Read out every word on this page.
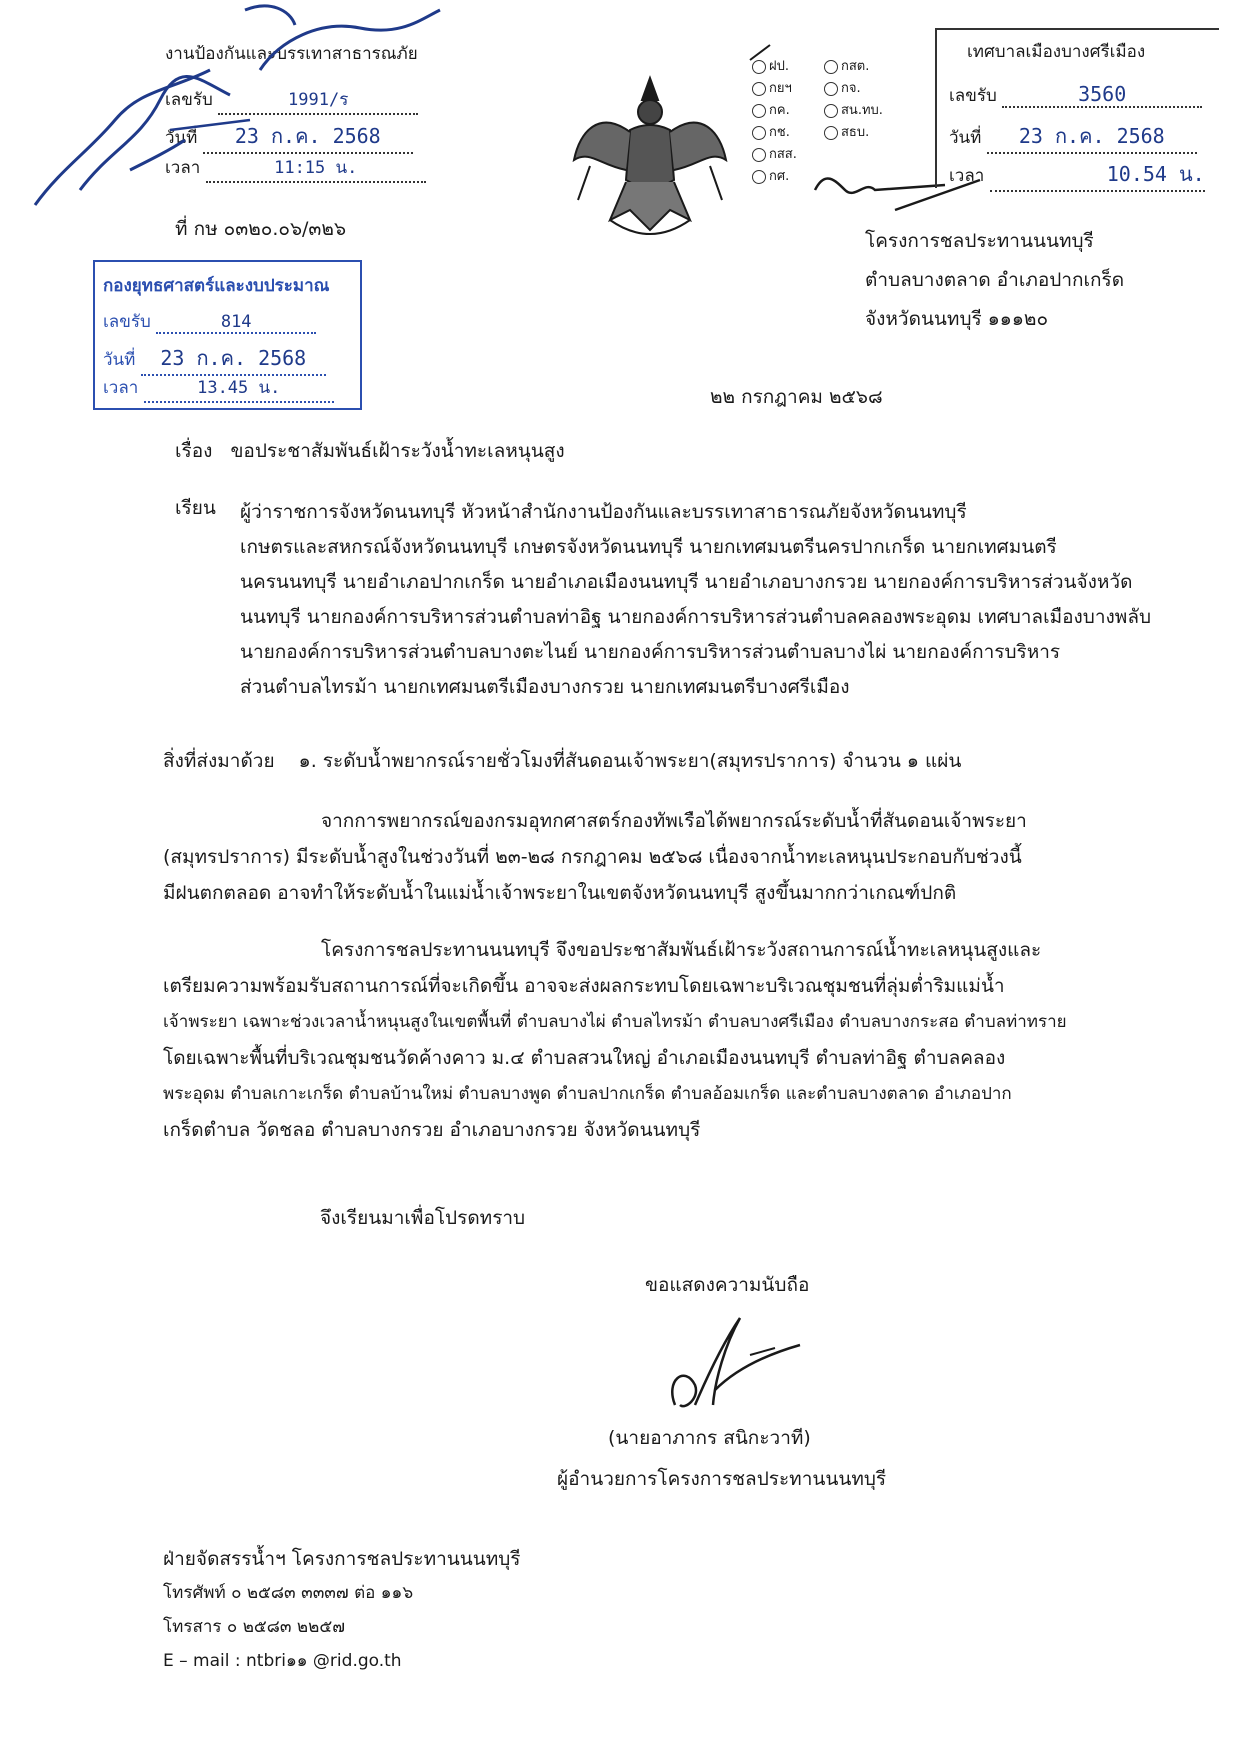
งานป้องกันและบรรเทาสาธารณภัย
เลขรับ	1991/ร
วันที่ 23 ก.ค. 2568
เวลา	11:15 น.
ที่ กษ ๐๓๒๐.๐๖/๓๒๖
กองยุทธศาสตร์และงบประมาณ
เลขรับ	814
วันที่ 23 ก.ค. 2568
เวลา	13.45 น.
ฝป.
กยฯ
กค.
กช.
กสส.
กศ.
กสต.
กจ.
สน.ทบ.
สธบ.
เทศบาลเมืองบางศรีเมือง
เลขรับ	3560
วันที่ 23 ก.ค. 2568
เวลา	10.54 น.
โครงการชลประทานนนทบุรี
ตำบลบางตลาด อำเภอปากเกร็ด
จังหวัดนนทบุรี ๑๑๑๒๐
๒๒ กรกฎาคม ๒๕๖๘
เรื่อง ขอประชาสัมพันธ์เฝ้าระวังน้ำทะเลหนุนสูง
เรียน ผู้ว่าราชการจังหวัดนนทบุรี หัวหน้าสำนักงานป้องกันและบรรเทาสาธารณภัยจังหวัดนนทบุรี
เกษตรและสหกรณ์จังหวัดนนทบุรี เกษตรจังหวัดนนทบุรี นายกเทศมนตรีนครปากเกร็ด นายกเทศมนตรี
นครนนทบุรี นายอำเภอปากเกร็ด นายอำเภอเมืองนนทบุรี นายอำเภอบางกรวย นายกองค์การบริหารส่วนจังหวัด
นนทบุรี นายกองค์การบริหารส่วนตำบลท่าอิฐ นายกองค์การบริหารส่วนตำบลคลองพระอุดม เทศบาลเมืองบางพลับ
นายกองค์การบริหารส่วนตำบลบางตะไนย์ นายกองค์การบริหารส่วนตำบลบางไผ่ นายกองค์การบริหาร
ส่วนตำบลไทรม้า นายกเทศมนตรีเมืองบางกรวย นายกเทศมนตรีบางศรีเมือง
สิ่งที่ส่งมาด้วย ๑. ระดับน้ำพยากรณ์รายชั่วโมงที่สันดอนเจ้าพระยา(สมุทรปราการ) จำนวน ๑ แผ่น
จากการพยากรณ์ของกรมอุทกศาสตร์กองทัพเรือได้พยากรณ์ระดับน้ำที่สันดอนเจ้าพระยา
(สมุทรปราการ) มีระดับน้ำสูงในช่วงวันที่ ๒๓-๒๘ กรกฎาคม ๒๕๖๘ เนื่องจากน้ำทะเลหนุนประกอบกับช่วงนี้
มีฝนตกตลอด อาจทำให้ระดับน้ำในแม่น้ำเจ้าพระยาในเขตจังหวัดนนทบุรี สูงขึ้นมากกว่าเกณฑ์ปกติ
โครงการชลประทานนนทบุรี จึงขอประชาสัมพันธ์เฝ้าระวังสถานการณ์น้ำทะเลหนุนสูงและ
เตรียมความพร้อมรับสถานการณ์ที่จะเกิดขึ้น อาจจะส่งผลกระทบโดยเฉพาะบริเวณชุมชนที่ลุ่มต่ำริมแม่น้ำ
เจ้าพระยา เฉพาะช่วงเวลาน้ำหนุนสูงในเขตพื้นที่ ตำบลบางไผ่ ตำบลไทรม้า ตำบลบางศรีเมือง ตำบลบางกระสอ ตำบลท่าทราย
โดยเฉพาะพื้นที่บริเวณชุมชนวัดค้างคาว ม.๔ ตำบลสวนใหญ่ อำเภอเมืองนนทบุรี ตำบลท่าอิฐ ตำบลคลอง
พระอุดม ตำบลเกาะเกร็ด ตำบลบ้านใหม่ ตำบลบางพูด ตำบลปากเกร็ด ตำบลอ้อมเกร็ด และตำบลบางตลาด อำเภอปาก
เกร็ดตำบล วัดชลอ ตำบลบางกรวย อำเภอบางกรวย จังหวัดนนทบุรี
จึงเรียนมาเพื่อโปรดทราบ
ขอแสดงความนับถือ
(นายอาภากร สนิกะวาที)
ผู้อำนวยการโครงการชลประทานนนทบุรี
ฝ่ายจัดสรรน้ำฯ โครงการชลประทานนนทบุรี
โทรศัพท์ ๐ ๒๕๘๓ ๓๓๓๗ ต่อ ๑๑๖
โทรสาร ๐ ๒๕๘๓ ๒๒๕๗
E – mail : ntbri๑๑ @rid.go.th
